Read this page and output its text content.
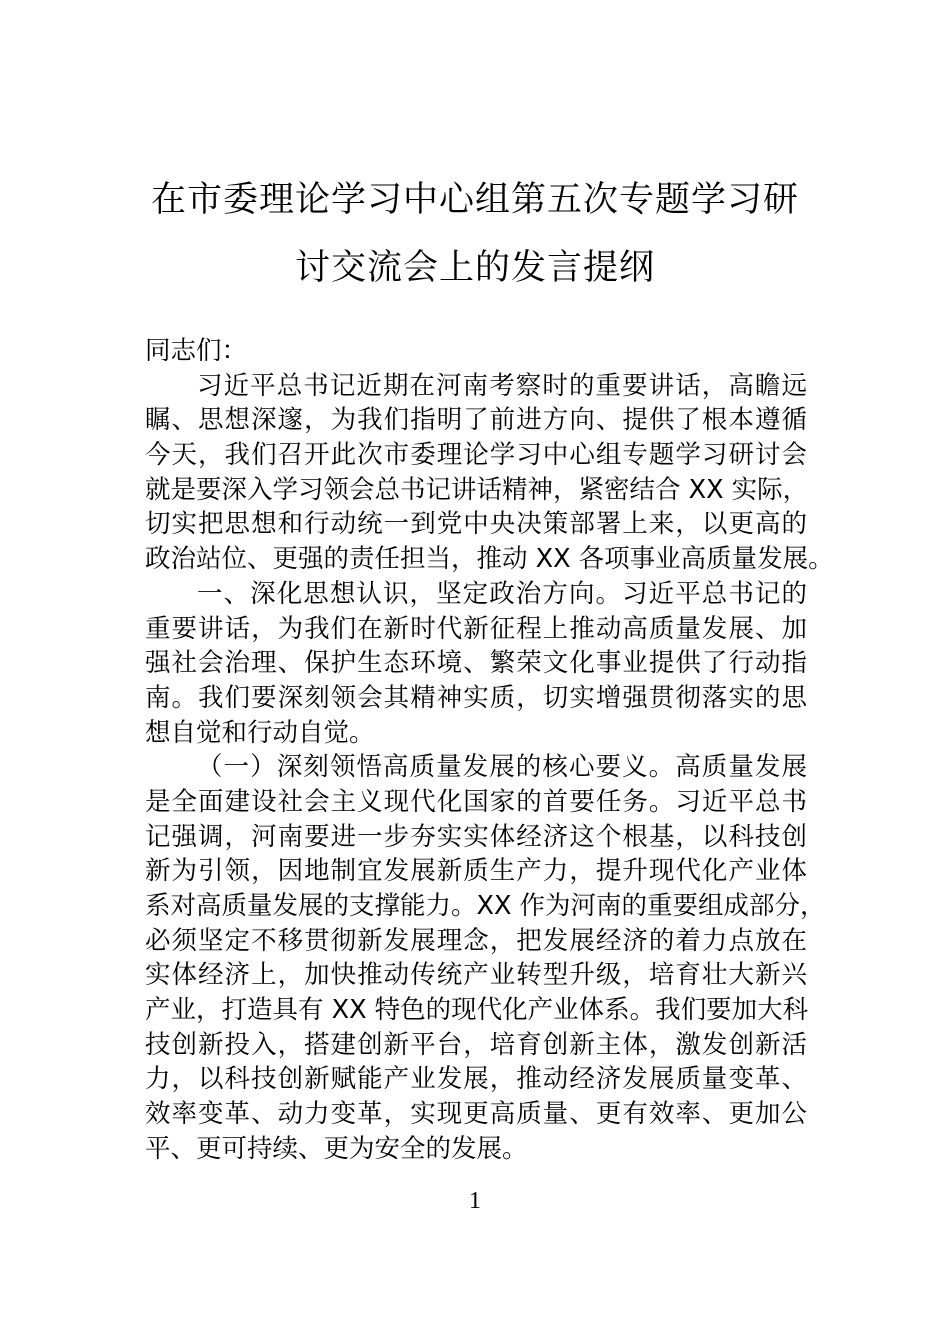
在市委理论学习中心组第五次专题学习研
讨交流会上的发言提纲
同志们：
习近平总书记近期在河南考察时的重要讲话，高瞻远
瞩、思想深邃，为我们指明了前进方向、提供了根本遵循
今天，我们召开此次市委理论学习中心组专题学习研讨会
就是要深入学习领会总书记讲话精神，紧密结合 XX 实际，
切实把思想和行动统一到党中央决策部署上来，以更高的
政治站位、更强的责任担当，推动 XX 各项事业高质量发展。
一、深化思想认识，坚定政治方向。习近平总书记的
重要讲话，为我们在新时代新征程上推动高质量发展、加
强社会治理、保护生态环境、繁荣文化事业提供了行动指
南。我们要深刻领会其精神实质，切实增强贯彻落实的思
想自觉和行动自觉。
（一）深刻领悟高质量发展的核心要义。高质量发展
是全面建设社会主义现代化国家的首要任务。习近平总书
记强调，河南要进一步夯实实体经济这个根基，以科技创
新为引领，因地制宜发展新质生产力，提升现代化产业体
系对高质量发展的支撑能力。XX 作为河南的重要组成部分，
必须坚定不移贯彻新发展理念，把发展经济的着力点放在
实体经济上，加快推动传统产业转型升级，培育壮大新兴
产业，打造具有 XX 特色的现代化产业体系。我们要加大科
技创新投入，搭建创新平台，培育创新主体，激发创新活
力，以科技创新赋能产业发展，推动经济发展质量变革、
效率变革、动力变革，实现更高质量、更有效率、更加公
平、更可持续、更为安全的发展。
1
